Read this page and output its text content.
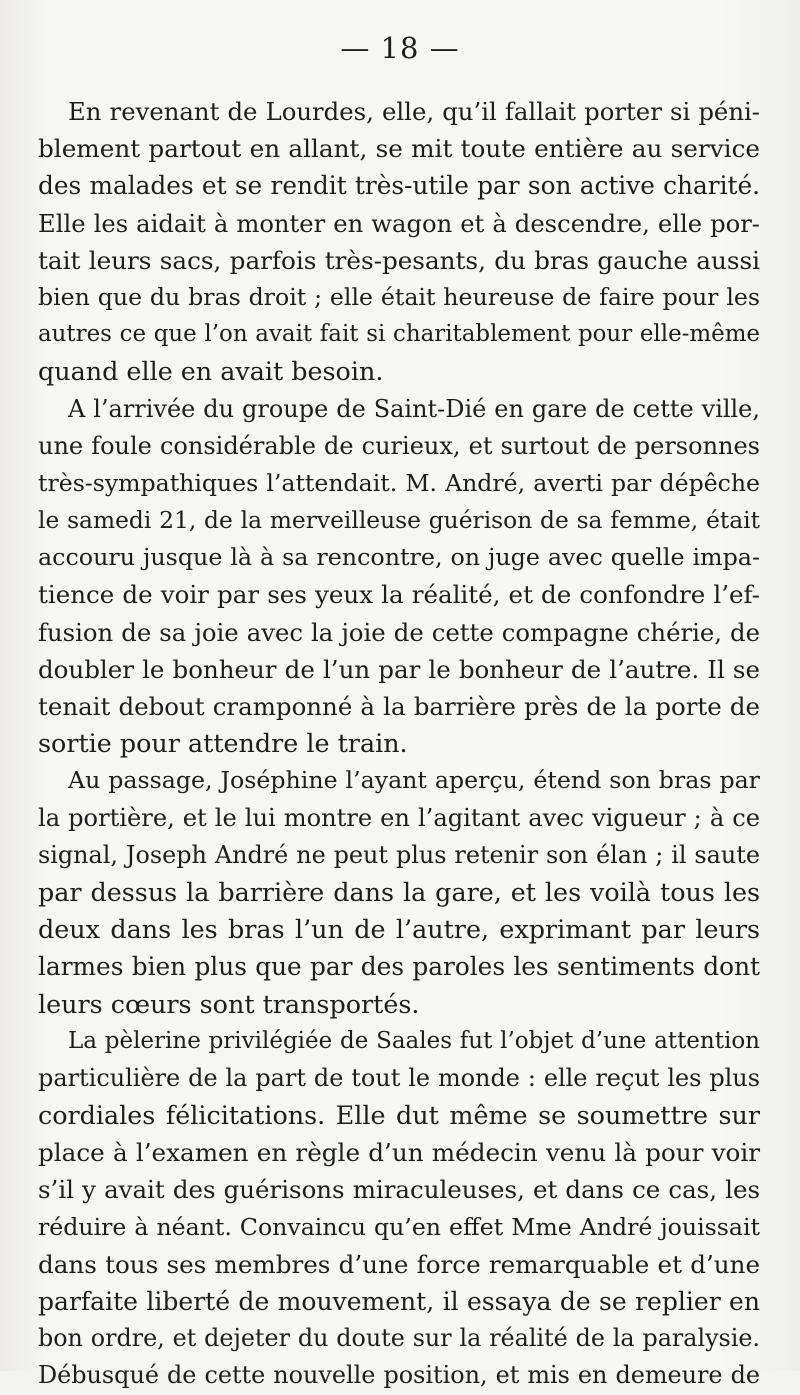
— 18 —
En revenant de Lourdes, elle, qu’il fallait porter si péni-
blement partout en allant, se mit toute entière au service
des malades et se rendit très-utile par son active charité.
Elle les aidait à monter en wagon et à descendre, elle por-
tait leurs sacs, parfois très-pesants, du bras gauche aussi
bien que du bras droit ; elle était heureuse de faire pour les
autres ce que l’on avait fait si charitablement pour elle-même
quand elle en avait besoin.
A l’arrivée du groupe de Saint-Dié en gare de cette ville,
une foule considérable de curieux, et surtout de personnes
très-sympathiques l’attendait. M. André, averti par dépêche
le samedi 21, de la merveilleuse guérison de sa femme, était
accouru jusque là à sa rencontre, on juge avec quelle impa-
tience de voir par ses yeux la réalité, et de confondre l’ef-
fusion de sa joie avec la joie de cette compagne chérie, de
doubler le bonheur de l’un par le bonheur de l’autre. Il se
tenait debout cramponné à la barrière près de la porte de
sortie pour attendre le train.
Au passage, Joséphine l’ayant aperçu, étend son bras par
la portière, et le lui montre en l’agitant avec vigueur ; à ce
signal, Joseph André ne peut plus retenir son élan ; il saute
par dessus la barrière dans la gare, et les voilà tous les
deux dans les bras l’un de l’autre, exprimant par leurs
larmes bien plus que par des paroles les sentiments dont
leurs cœurs sont transportés.
La pèlerine privilégiée de Saales fut l’objet d’une attention
particulière de la part de tout le monde : elle reçut les plus
cordiales félicitations. Elle dut même se soumettre sur
place à l’examen en règle d’un médecin venu là pour voir
s’il y avait des guérisons miraculeuses, et dans ce cas, les
réduire à néant. Convaincu qu’en effet Mme André jouissait
dans tous ses membres d’une force remarquable et d’une
parfaite liberté de mouvement, il essaya de se replier en
bon ordre, et dejeter du doute sur la réalité de la paralysie.
Débusqué de cette nouvelle position, et mis en demeure de
